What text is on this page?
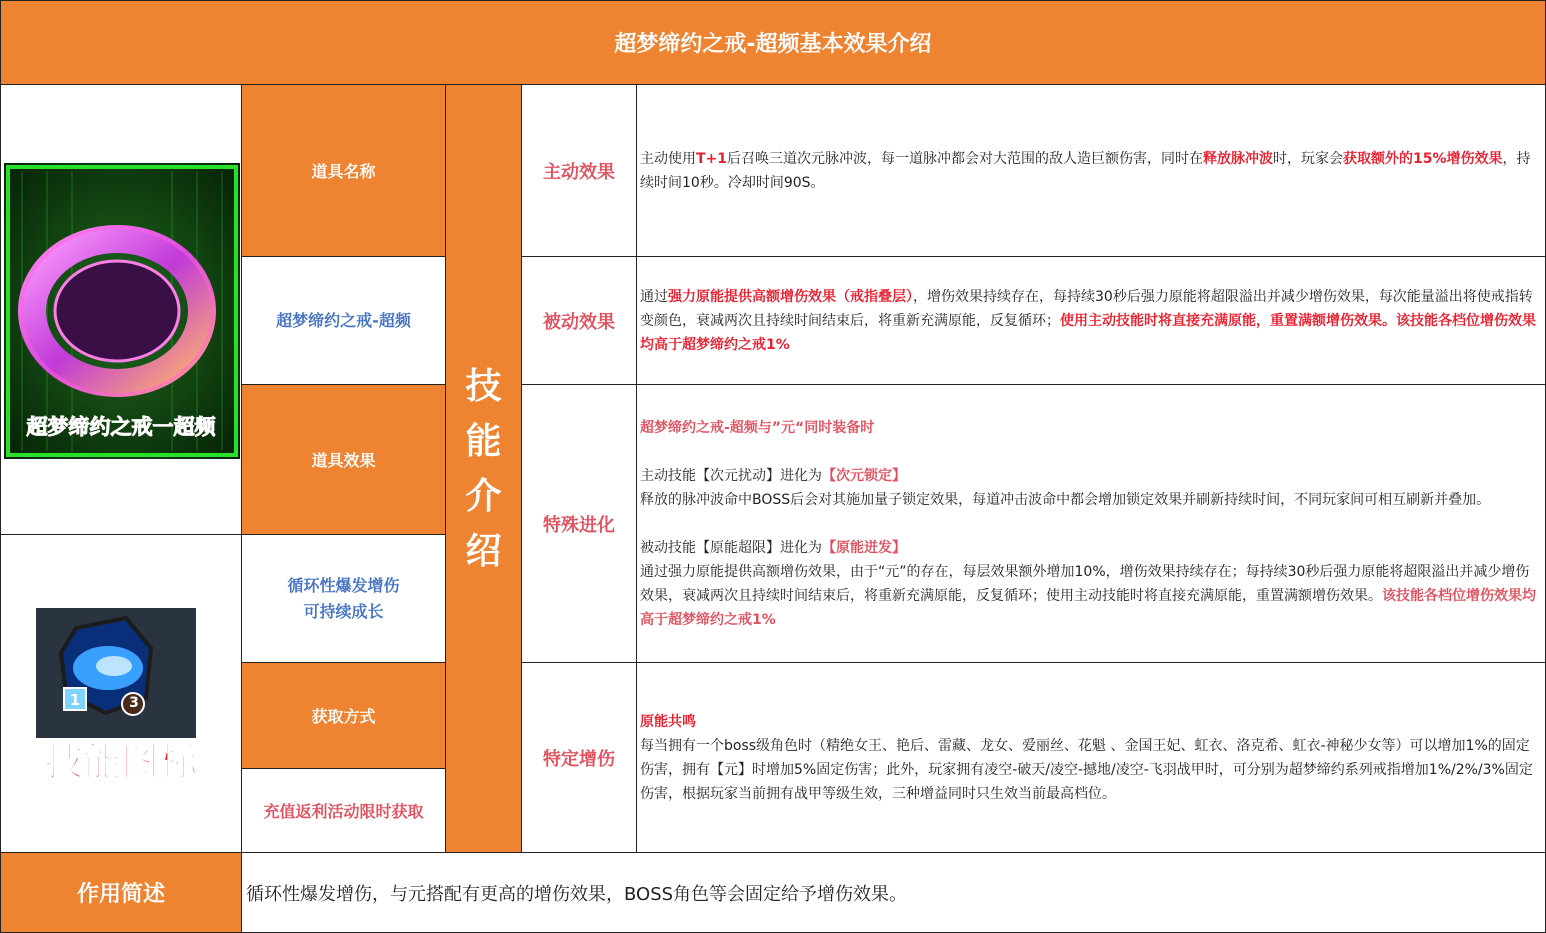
超梦缔约之戒-超频基本效果介绍
超梦缔约之戒一超频
1	3
技能图标
道具名称
超梦缔约之戒-超频
道具效果
循环性爆发增伤
可持续成长
获取方式
充值返利活动限时获取
技
能
介
绍
主动效果
被动效果
特殊进化
特定增伤

主动使用T+1后召唤三道次元脉冲波，每一道脉冲都会对大范围的敌人造巨额伤害，同时在释放脉冲波时，玩家会获取额外的15%增伤效果，持续时间10秒。冷却时间90S。

通过强力原能提供高额增伤效果（戒指叠层），增伤效果持续存在，每持续30秒后强力原能将超限溢出并减少增伤效果，每次能量溢出将使戒指转变颜色，衰减两次且持续时间结束后，将重新充满原能，反复循环；使用主动技能时将直接充满原能，重置满额增伤效果。该技能各档位增伤效果均高于超梦缔约之戒1%

超梦缔约之戒-超频与”元“同时装备时

主动技能【次元扰动】进化为【次元锁定】

释放的脉冲波命中BOSS后会对其施加量子锁定效果，每道冲击波命中都会增加锁定效果并刷新持续时间，不同玩家间可相互刷新并叠加。

被动技能【原能超限】进化为【原能迸发】

通过强力原能提供高额增伤效果，由于“元”的存在，每层效果额外增加10%，增伤效果持续存在；每持续30秒后强力原能将超限溢出并减少增伤效果，衰减两次且持续时间结束后，将重新充满原能，反复循环；使用主动技能时将直接充满原能，重置满额增伤效果。该技能各档位增伤效果均高于超梦缔约之戒1%

原能共鸣

每当拥有一个boss级角色时（精绝女王、艳后、雷藏、龙女、爱丽丝、花魁 、金国王妃、虹衣、洛克希、虹衣-神秘少女等）可以增加1%的固定伤害，拥有【元】时增加5%固定伤害；此外，玩家拥有凌空-破天/凌空-撼地/凌空-飞羽战甲时，可分别为超梦缔约系列戒指增加1%/2%/3%固定伤害，根据玩家当前拥有战甲等级生效，三种增益同时只生效当前最高档位。

作用简述	循环性爆发增伤，与元搭配有更高的增伤效果，BOSS角色等会固定给予增伤效果。
